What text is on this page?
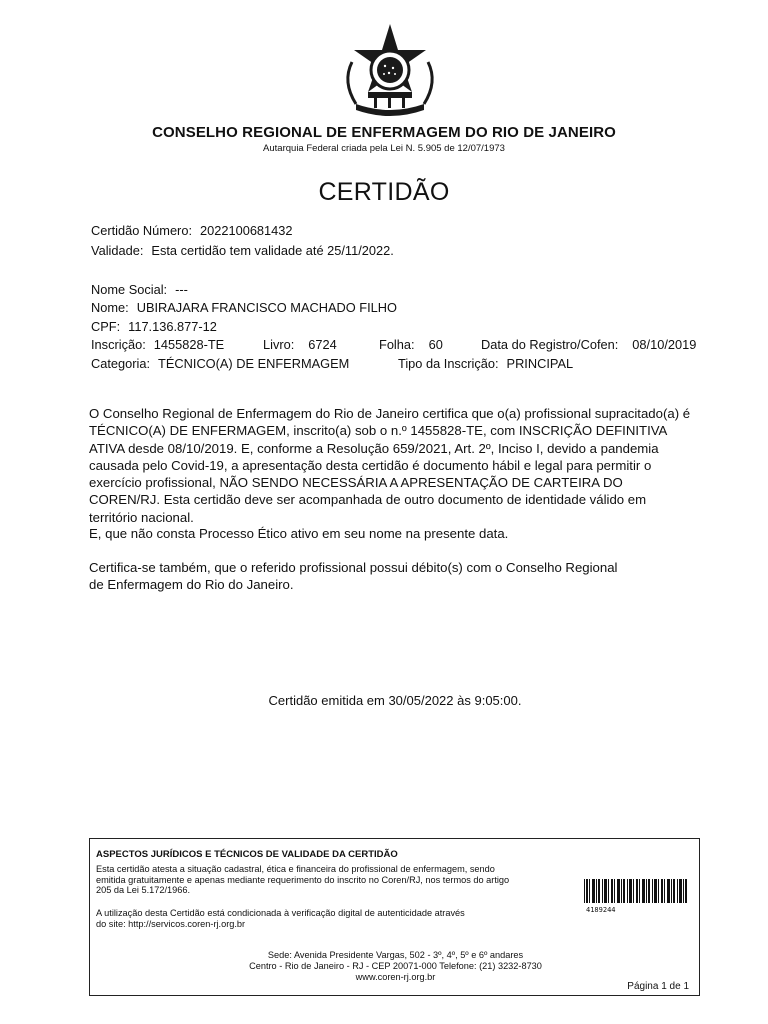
CONSELHO REGIONAL DE ENFERMAGEM DO RIO DE JANEIRO
Autarquia Federal criada pela Lei N. 5.905 de 12/07/1973
CERTIDÃO
Certidão Número: 2022100681432
Validade: Esta certidão tem validade até 25/11/2022.
Nome Social: ---
Nome: UBIRAJARA FRANCISCO MACHADO FILHO
CPF: 117.136.877-12
Inscrição: 1455828-TE	Livro: 6724	Folha: 60	Data do Registro/Cofen: 08/10/2019
Categoria: TÉCNICO(A) DE ENFERMAGEM	Tipo da Inscrição: PRINCIPAL

O Conselho Regional de Enfermagem do Rio de Janeiro certifica que o(a) profissional supracitado(a) é TÉCNICO(A) DE ENFERMAGEM, inscrito(a) sob o n.º 1455828-TE, com INSCRIÇÃO DEFINITIVA ATIVA desde 08/10/2019. E, conforme a Resolução 659/2021, Art. 2º, Inciso I, devido a pandemia causada pelo Covid-19, a apresentação desta certidão é documento hábil e legal para permitir o exercício profissional, NÃO SENDO NECESSÁRIA A APRESENTAÇÃO DE CARTEIRA DO COREN/RJ. Esta certidão deve ser acompanhada de outro documento de identidade válido em território nacional.

E, que não consta Processo Ético ativo em seu nome na presente data.

Certifica-se também, que o referido profissional possui débito(s) com o Conselho Regional de Enfermagem do Rio do Janeiro.

Certidão emitida em 30/05/2022 às 9:05:00.
ASPECTOS JURÍDICOS E TÉCNICOS DE VALIDADE DA CERTIDÃO
Esta certidão atesta a situação cadastral, ética e financeira do profissional de enfermagem, sendo emitida gratuitamente e apenas mediante requerimento do inscrito no Coren/RJ, nos termos do artigo 205 da Lei 5.172/1966.
A utilização desta Certidão está condicionada à verificação digital de autenticidade através do site: http://servicos.coren-rj.org.br
4189244
Sede: Avenida Presidente Vargas, 502 - 3º, 4º, 5º e 6º andares
Centro - Rio de Janeiro - RJ - CEP 20071-000 Telefone: (21) 3232-8730
www.coren-rj.org.br
Página 1 de 1
